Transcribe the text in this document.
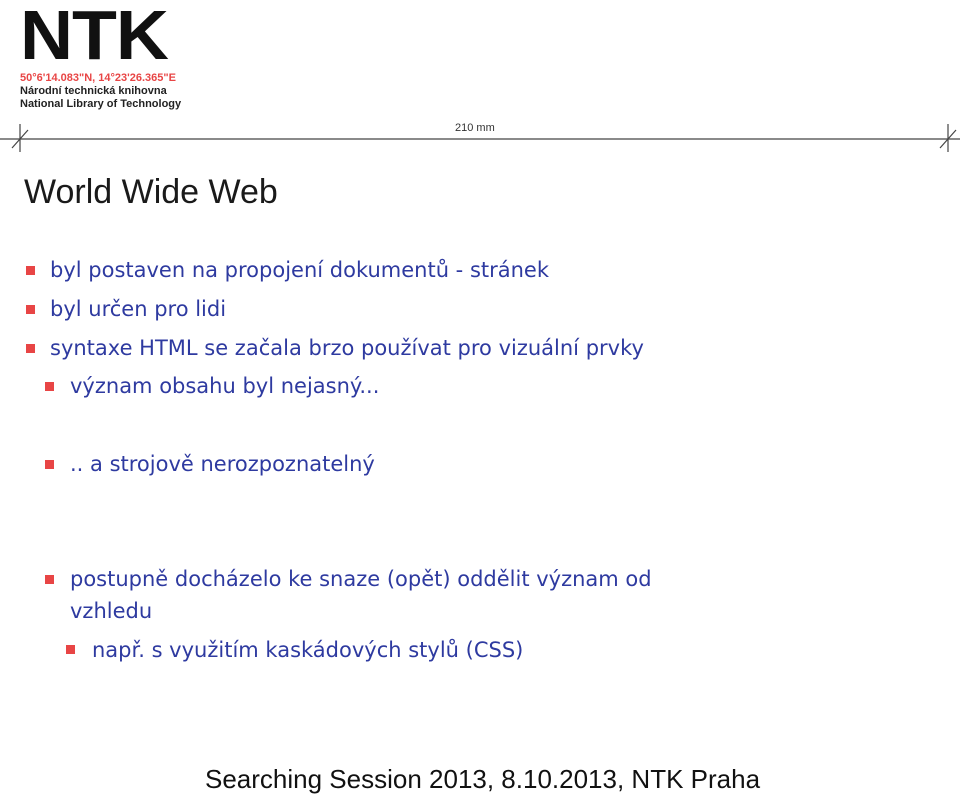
NTK
50°6'14.083"N, 14°23'26.365"E
Národní technická knihovna
National Library of Technology
210 mm
World Wide Web
byl postaven na propojení dokumentů - stránek
byl určen pro lidi
syntaxe HTML se začala brzo používat pro vizuální prvky
význam obsahu byl nejasný...
.. a strojově nerozpoznatelný
postupně docházelo ke snaze (opět) oddělit význam od
vzhledu
např. s využitím kaskádových stylů (CSS)
Searching Session 2013, 8.10.2013, NTK Praha
